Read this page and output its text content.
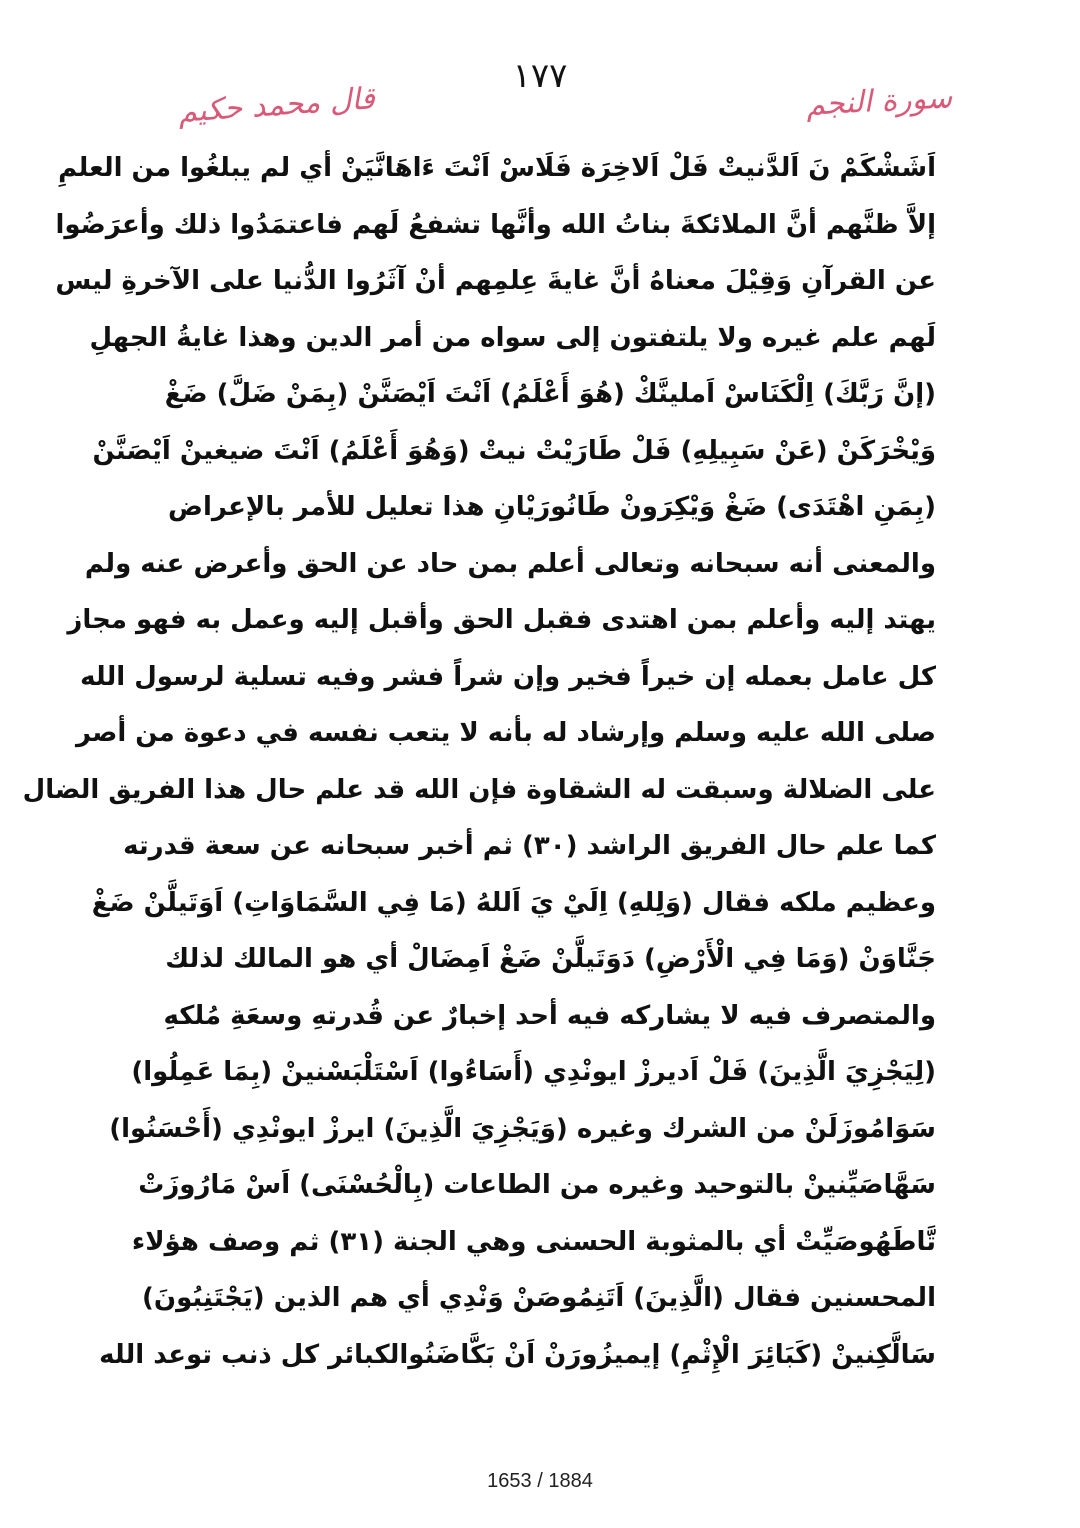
١٧٧
قال محمد حكيم	سورة النجم
اَشَشْكَمْ نَ اَلدَّنيتْ فَلْ اَلاخِرَة فَلَاسْ اَنْتَ ءَاهَانَّيَنْ أي لم يبلغُوا من العلمِ
إلاَّ ظنَّهم أنَّ الملائكةَ بناتُ الله وأنَّها تشفعُ لَهم فاعتمَدُوا ذلك وأعرَضُوا
عن القرآنِ وَقِيْلَ معناهُ أنَّ غايةَ عِلمِهم أنْ آثَرُوا الدُّنيا على الآخرةِ ليس
لَهم علم غيره ولا يلتفتون إلى سواه من أمر الدين وهذا غايةُ الجهلِ
(إنَّ رَبَّكَ) اِلْكَنَاسْ اَملينَّكْ (هُوَ أَعْلَمُ) اَنْتَ اَيْصَنَّنْ (بِمَنْ ضَلَّ) ضَغْ
وَيْخْرَكَنْ (عَنْ سَبِيلِهِ) فَلْ طَارَيْتْ نيتْ (وَهُوَ أَعْلَمُ) اَنْتَ ضيغينْ اَيْصَنَّنْ
(بِمَنِ اهْتَدَى) ضَغْ وَيْكِرَونْ طَانُورَيْانِ هذا تعليل للأمر بالإعراض
والمعنى أنه سبحانه وتعالى أعلم بمن حاد عن الحق وأعرض عنه ولم
يهتد إليه وأعلم بمن اهتدى فقبل الحق وأقبل إليه وعمل به فهو مجاز
كل عامل بعمله إن خيراً فخير وإن شراً فشر وفيه تسلية لرسول الله
صلى الله عليه وسلم وإرشاد له بأنه لا يتعب نفسه في دعوة من أصر
على الضلالة وسبقت له الشقاوة فإن الله قد علم حال هذا الفريق الضال
كما علم حال الفريق الراشد (٣٠) ثم أخبر سبحانه عن سعة قدرته
وعظيم ملكه فقال (وَلِلهِ) اِلَيْ يَ اَللهُ (مَا فِي السَّمَاوَاتِ) اَوَتَيلَّنْ ضَغْ
جَنَّاوَنْ (وَمَا فِي الْأَرْضِ) دَوَتَيلَّنْ ضَغْ اَمِضَالْ أي هو المالك لذلك
والمتصرف فيه لا يشاركه فيه أحد إخبارٌ عن قُدرتهِ وسعَةِ مُلكهِ
(لِيَجْزِيَ الَّذِينَ) فَلْ اَديرزْ ايونْدِي (أَسَاءُوا) اَسْتَلْبَسْنينْ (بِمَا عَمِلُوا)
سَوَامُوزَلَنْ من الشرك وغيره (وَيَجْزِيَ الَّذِينَ) ايرزْ ايونْدِي (أَحْسَنُوا)
سَهَّاصَيِّنينْ بالتوحيد وغيره من الطاعات (بِالْحُسْنَى) اَسْ مَارُوزَتْ
تَّاطَهُوصَيِّتْ أي بالمثوبة الحسنى وهي الجنة (٣١) ثم وصف هؤلاء
المحسنين فقال (الَّذِينَ) اَتَنِمُوصَنْ وَنْدِي أي هم الذين (يَجْتَنِبُونَ)
سَالَّكِنينْ (كَبَائِرَ الْإِثْمِ) إيميزُورَنْ اَنْ بَكَّاضَنُوالكبائر كل ذنب توعد الله
1653 / 1884
